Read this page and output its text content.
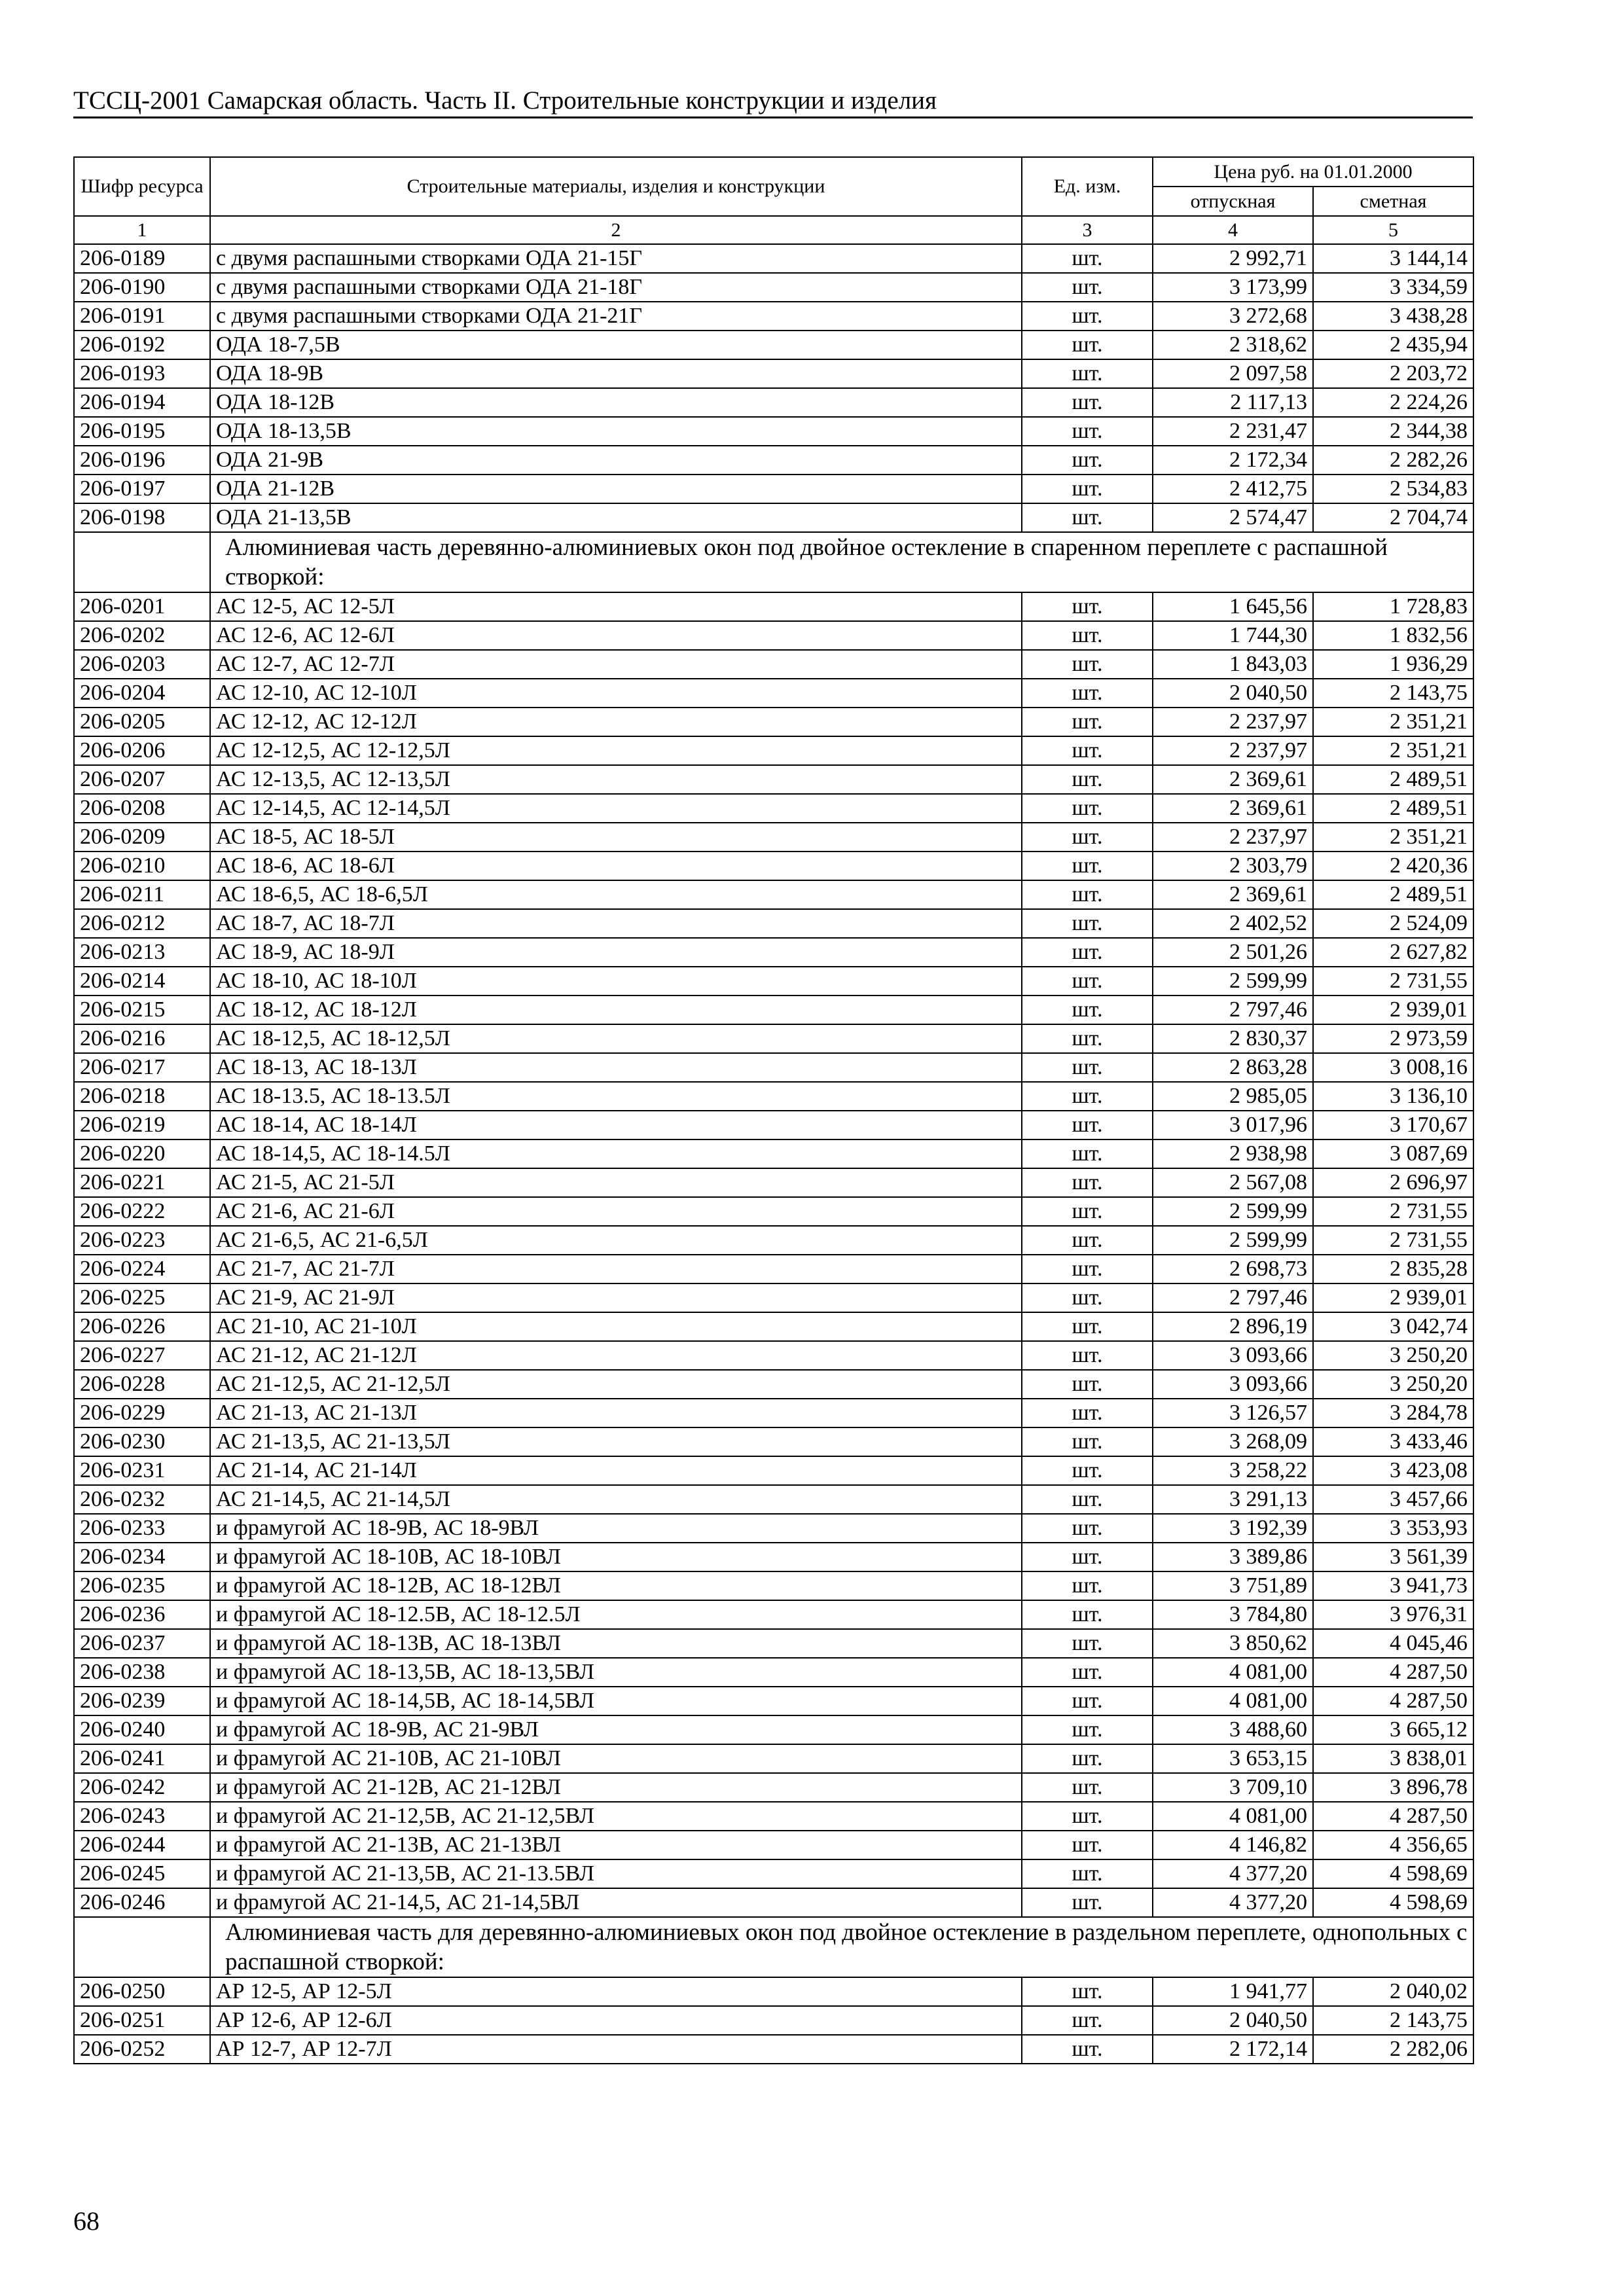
ТССЦ-2001 Самарская область. Часть II. Строительные конструкции и изделия
Шифр ресурса	Строительные материалы, изделия и конструкции	Ед. изм.	Цена руб. на 01.01.2000	
			отпускная	сметная
1	2	3	4	5
206-0189	с двумя распашными створками ОДА 21-15Г	шт.	2 992,71	3 144,14
206-0190	с двумя распашными створками ОДА 21-18Г	шт.	3 173,99	3 334,59
206-0191	с двумя распашными створками ОДА 21-21Г	шт.	3 272,68	3 438,28
206-0192	ОДА 18-7,5В	шт.	2 318,62	2 435,94
206-0193	ОДА 18-9В	шт.	2 097,58	2 203,72
206-0194	ОДА 18-12В	шт.	2 117,13	2 224,26
206-0195	ОДА 18-13,5В	шт.	2 231,47	2 344,38
206-0196	ОДА 21-9В	шт.	2 172,34	2 282,26
206-0197	ОДА 21-12В	шт.	2 412,75	2 534,83
206-0198	ОДА 21-13,5В	шт.	2 574,47	2 704,74
	Алюминиевая часть деревянно-алюминиевых окон под двойное остекление в спаренном переплете с распашной створкой:			
206-0201	АС 12-5, АС 12-5Л	шт.	1 645,56	1 728,83
206-0202	АС 12-6, АС 12-6Л	шт.	1 744,30	1 832,56
206-0203	АС 12-7, АС 12-7Л	шт.	1 843,03	1 936,29
206-0204	АС 12-10, АС 12-10Л	шт.	2 040,50	2 143,75
206-0205	АС 12-12, АС 12-12Л	шт.	2 237,97	2 351,21
206-0206	АС 12-12,5, АС 12-12,5Л	шт.	2 237,97	2 351,21
206-0207	АС 12-13,5, АС 12-13,5Л	шт.	2 369,61	2 489,51
206-0208	АС 12-14,5, АС 12-14,5Л	шт.	2 369,61	2 489,51
206-0209	АС 18-5, АС 18-5Л	шт.	2 237,97	2 351,21
206-0210	АС 18-6, АС 18-6Л	шт.	2 303,79	2 420,36
206-0211	АС 18-6,5, АС 18-6,5Л	шт.	2 369,61	2 489,51
206-0212	АС 18-7, АС 18-7Л	шт.	2 402,52	2 524,09
206-0213	АС 18-9, АС 18-9Л	шт.	2 501,26	2 627,82
206-0214	АС 18-10, АС 18-10Л	шт.	2 599,99	2 731,55
206-0215	АС 18-12, АС 18-12Л	шт.	2 797,46	2 939,01
206-0216	АС 18-12,5, АС 18-12,5Л	шт.	2 830,37	2 973,59
206-0217	АС 18-13, АС 18-13Л	шт.	2 863,28	3 008,16
206-0218	АС 18-13.5, АС 18-13.5Л	шт.	2 985,05	3 136,10
206-0219	АС 18-14, АС 18-14Л	шт.	3 017,96	3 170,67
206-0220	АС 18-14,5, АС 18-14.5Л	шт.	2 938,98	3 087,69
206-0221	АС 21-5, АС 21-5Л	шт.	2 567,08	2 696,97
206-0222	АС 21-6, АС 21-6Л	шт.	2 599,99	2 731,55
206-0223	АС 21-6,5, АС 21-6,5Л	шт.	2 599,99	2 731,55
206-0224	АС 21-7, АС 21-7Л	шт.	2 698,73	2 835,28
206-0225	АС 21-9, АС 21-9Л	шт.	2 797,46	2 939,01
206-0226	АС 21-10, АС 21-10Л	шт.	2 896,19	3 042,74
206-0227	АС 21-12, АС 21-12Л	шт.	3 093,66	3 250,20
206-0228	АС 21-12,5, АС 21-12,5Л	шт.	3 093,66	3 250,20
206-0229	АС 21-13, АС 21-13Л	шт.	3 126,57	3 284,78
206-0230	АС 21-13,5, АС 21-13,5Л	шт.	3 268,09	3 433,46
206-0231	АС 21-14, АС 21-14Л	шт.	3 258,22	3 423,08
206-0232	АС 21-14,5, АС 21-14,5Л	шт.	3 291,13	3 457,66
206-0233	и фрамугой АС 18-9В, АС 18-9ВЛ	шт.	3 192,39	3 353,93
206-0234	и фрамугой АС 18-10В, АС 18-10ВЛ	шт.	3 389,86	3 561,39
206-0235	и фрамугой АС 18-12В, АС 18-12ВЛ	шт.	3 751,89	3 941,73
206-0236	и фрамугой АС 18-12.5В, АС 18-12.5Л	шт.	3 784,80	3 976,31
206-0237	и фрамугой АС 18-13В, АС 18-13ВЛ	шт.	3 850,62	4 045,46
206-0238	и фрамугой АС 18-13,5В, АС 18-13,5ВЛ	шт.	4 081,00	4 287,50
206-0239	и фрамугой АС 18-14,5В, АС 18-14,5ВЛ	шт.	4 081,00	4 287,50
206-0240	и фрамугой АС 18-9В, АС 21-9ВЛ	шт.	3 488,60	3 665,12
206-0241	и фрамугой АС 21-10В, АС 21-10ВЛ	шт.	3 653,15	3 838,01
206-0242	и фрамугой АС 21-12В, АС 21-12ВЛ	шт.	3 709,10	3 896,78
206-0243	и фрамугой АС 21-12,5В, АС 21-12,5ВЛ	шт.	4 081,00	4 287,50
206-0244	и фрамугой АС 21-13В, АС 21-13ВЛ	шт.	4 146,82	4 356,65
206-0245	и фрамугой АС 21-13,5В, АС 21-13.5ВЛ	шт.	4 377,20	4 598,69
206-0246	и фрамугой АС 21-14,5, АС 21-14,5ВЛ	шт.	4 377,20	4 598,69
	Алюминиевая часть для деревянно-алюминиевых окон под двойное остекление в раздельном переплете, однопольных с распашной створкой:			
206-0250	АР 12-5, АР 12-5Л	шт.	1 941,77	2 040,02
206-0251	АР 12-6, АР 12-6Л	шт.	2 040,50	2 143,75
206-0252	АР 12-7, АР 12-7Л	шт.	2 172,14	2 282,06
68
